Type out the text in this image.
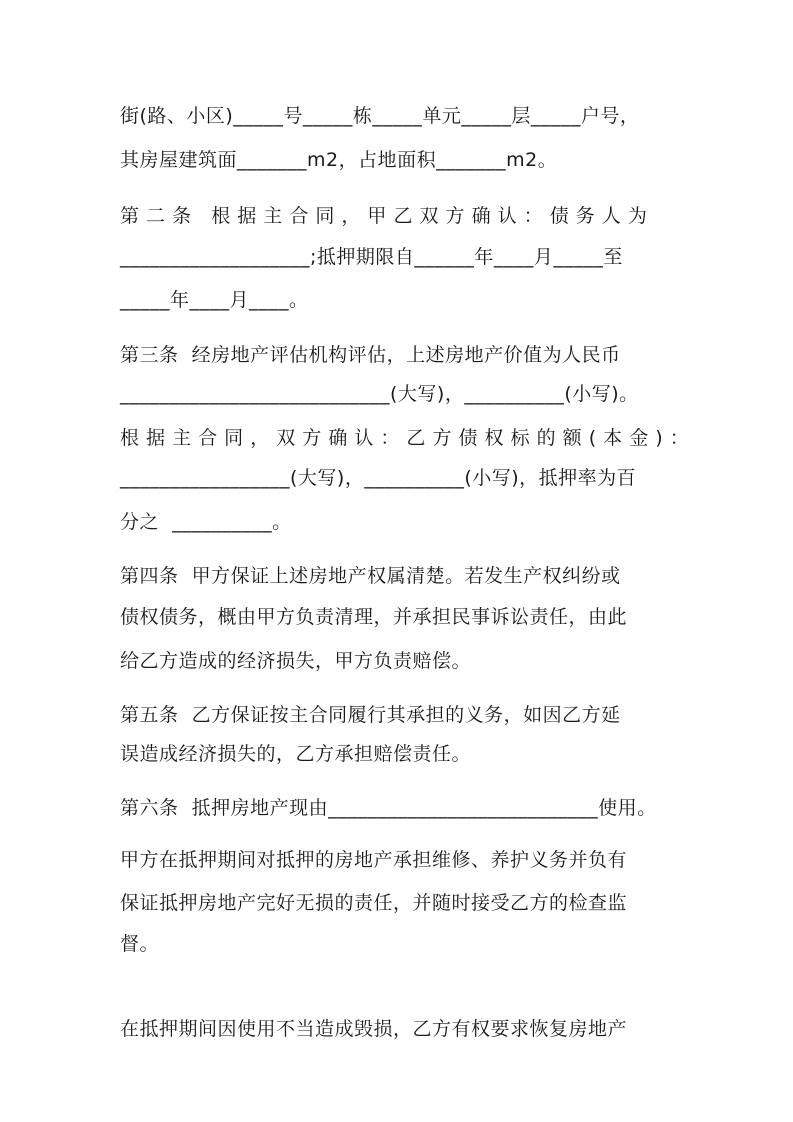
街(路、小区)_____号_____栋_____单元_____层_____户号，
其房屋建筑面_______m2，占地面积_______m2。
第 二 条   根 据 主 合 同 ， 甲 乙 双 方 确 认 ： 债 务 人 为
___________________;抵押期限自______年____月_____至
_____年____月____。
第三条  经房地产评估机构评估，上述房地产价值为人民币
___________________________(大写)，__________(小写)。
根 据 主 合 同 ， 双 方 确 认 ： 乙 方 债 权 标 的 额 ( 本 金 ) ：
_________________(大写)，__________(小写)，抵押率为百
分之  __________。
第四条  甲方保证上述房地产权属清楚。若发生产权纠纷或
债权债务，概由甲方负责清理，并承担民事诉讼责任，由此
给乙方造成的经济损失，甲方负责赔偿。
第五条  乙方保证按主合同履行其承担的义务，如因乙方延
误造成经济损失的，乙方承担赔偿责任。
第六条  抵押房地产现由___________________________使用。
甲方在抵押期间对抵押的房地产承担维修、养护义务并负有
保证抵押房地产完好无损的责任，并随时接受乙方的检查监
督。
在抵押期间因使用不当造成毁损，乙方有权要求恢复房地产
